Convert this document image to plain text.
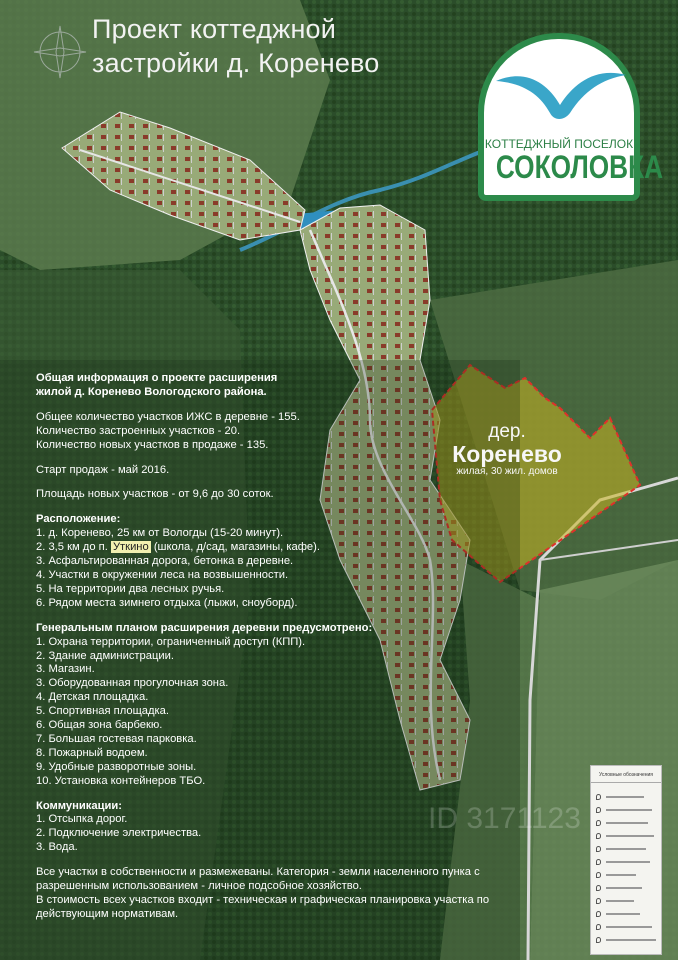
Проект коттеджной
застройки д. Коренево
КОТТЕДЖНЫЙ ПОСЕЛОК
СОКОЛОВКА
дер.
Коренево
жилая, 30 жил. домов

Общая информация о проекте расширения

жилой д. Коренево Вологодского района.

Общее количество участков ИЖС в деревне - 155.

Количество застроенных участков - 20.

Количество новых участков в продаже - 135.

Старт продаж - май 2016.

Площадь новых участков - от 9,6 до 30 соток.

Расположение:

1. д. Коренево, 25 км от Вологды (15-20 минут).

2. 3,5 км до п. Уткино (школа, д/сад, магазины, кафе).

3. Асфальтированная дорога, бетонка в деревне.

4. Участки в окружении леса на возвышенности.

5. На территории два лесных ручья.

6. Рядом места зимнего отдыха (лыжи, сноуборд).

Генеральным планом расширения деревни предусмотрено:

1. Охрана территории, ограниченный доступ (КПП).

2. Здание администрации.

3. Магазин.

3. Оборудованная прогулочная зона.

4. Детская площадка.

5. Спортивная площадка.

6. Общая зона барбекю.

7. Большая гостевая парковка.

8. Пожарный водоем.

9. Удобные разворотные зоны.

10. Установка контейнеров ТБО.

Коммуникации:

1. Отсыпка дорог.

2. Подключение электричества.

3. Вода.

Все участки в собственности и размежеваны. Категория - земли населенного пунка с

разрешенным использованием - личное подсобное хозяйство.

В стоимость всех участков входит - техническая и графическая планировка участка по

действующим нормативам.

Условные обозначения
ID 3171123
